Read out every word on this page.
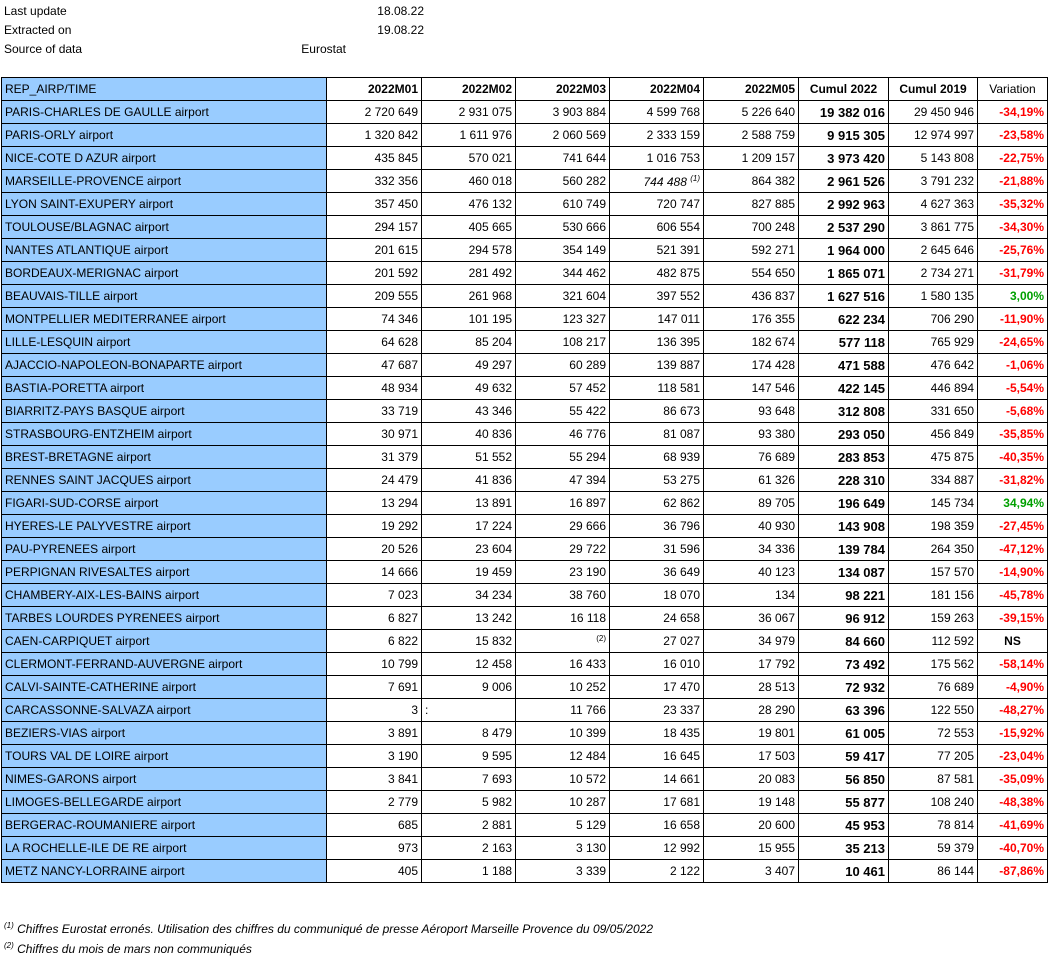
Last update	18.08.22
Extracted on	19.08.22
Source of data	Eurostat
REP_AIRP/TIME	2022M01	2022M02	2022M03	2022M04	2022M05	Cumul 2022	Cumul 2019	Variation
PARIS-CHARLES DE GAULLE airport	2 720 649	2 931 075	3 903 884	4 599 768	5 226 640	19 382 016	29 450 946	-34,19%
PARIS-ORLY airport	1 320 842	1 611 976	2 060 569	2 333 159	2 588 759	9 915 305	12 974 997	-23,58%
NICE-COTE D AZUR airport	435 845	570 021	741 644	1 016 753	1 209 157	3 973 420	5 143 808	-22,75%
MARSEILLE-PROVENCE airport	332 356	460 018	560 282	744 488 $^{(1)}$	864 382	2 961 526	3 791 232	-21,88%
LYON SAINT-EXUPERY airport	357 450	476 132	610 749	720 747	827 885	2 992 963	4 627 363	-35,32%
TOULOUSE/BLAGNAC airport	294 157	405 665	530 666	606 554	700 248	2 537 290	3 861 775	-34,30%
NANTES ATLANTIQUE airport	201 615	294 578	354 149	521 391	592 271	1 964 000	2 645 646	-25,76%
BORDEAUX-MERIGNAC airport	201 592	281 492	344 462	482 875	554 650	1 865 071	2 734 271	-31,79%
BEAUVAIS-TILLE airport	209 555	261 968	321 604	397 552	436 837	1 627 516	1 580 135	3,00%
MONTPELLIER MEDITERRANEE airport	74 346	101 195	123 327	147 011	176 355	622 234	706 290	-11,90%
LILLE-LESQUIN airport	64 628	85 204	108 217	136 395	182 674	577 118	765 929	-24,65%
AJACCIO-NAPOLEON-BONAPARTE airport	47 687	49 297	60 289	139 887	174 428	471 588	476 642	-1,06%
BASTIA-PORETTA airport	48 934	49 632	57 452	118 581	147 546	422 145	446 894	-5,54%
BIARRITZ-PAYS BASQUE airport	33 719	43 346	55 422	86 673	93 648	312 808	331 650	-5,68%
STRASBOURG-ENTZHEIM airport	30 971	40 836	46 776	81 087	93 380	293 050	456 849	-35,85%
BREST-BRETAGNE airport	31 379	51 552	55 294	68 939	76 689	283 853	475 875	-40,35%
RENNES SAINT JACQUES airport	24 479	41 836	47 394	53 275	61 326	228 310	334 887	-31,82%
FIGARI-SUD-CORSE airport	13 294	13 891	16 897	62 862	89 705	196 649	145 734	34,94%
HYERES-LE PALYVESTRE airport	19 292	17 224	29 666	36 796	40 930	143 908	198 359	-27,45%
PAU-PYRENEES airport	20 526	23 604	29 722	31 596	34 336	139 784	264 350	-47,12%
PERPIGNAN RIVESALTES airport	14 666	19 459	23 190	36 649	40 123	134 087	157 570	-14,90%
CHAMBERY-AIX-LES-BAINS airport	7 023	34 234	38 760	18 070	134	98 221	181 156	-45,78%
TARBES LOURDES PYRENEES airport	6 827	13 242	16 118	24 658	36 067	96 912	159 263	-39,15%
CAEN-CARPIQUET airport	6 822	15 832	$^{(2)}$	27 027	34 979	84 660	112 592	NS
CLERMONT-FERRAND-AUVERGNE airport	10 799	12 458	16 433	16 010	17 792	73 492	175 562	-58,14%
CALVI-SAINTE-CATHERINE airport	7 691	9 006	10 252	17 470	28 513	72 932	76 689	-4,90%
CARCASSONNE-SALVAZA airport	3	:	11 766	23 337	28 290	63 396	122 550	-48,27%
BEZIERS-VIAS airport	3 891	8 479	10 399	18 435	19 801	61 005	72 553	-15,92%
TOURS VAL DE LOIRE airport	3 190	9 595	12 484	16 645	17 503	59 417	77 205	-23,04%
NIMES-GARONS airport	3 841	7 693	10 572	14 661	20 083	56 850	87 581	-35,09%
LIMOGES-BELLEGARDE airport	2 779	5 982	10 287	17 681	19 148	55 877	108 240	-48,38%
BERGERAC-ROUMANIERE airport	685	2 881	5 129	16 658	20 600	45 953	78 814	-41,69%
LA ROCHELLE-ILE DE RE airport	973	2 163	3 130	12 992	15 955	35 213	59 379	-40,70%
METZ NANCY-LORRAINE airport	405	1 188	3 339	2 122	3 407	10 461	86 144	-87,86%
$^{(1)}$ Chiffres Eurostat erronés. Utilisation des chiffres du communiqué de presse Aéroport Marseille Provence du 09/05/2022
$^{(2)}$ Chiffres du mois de mars non communiqués
